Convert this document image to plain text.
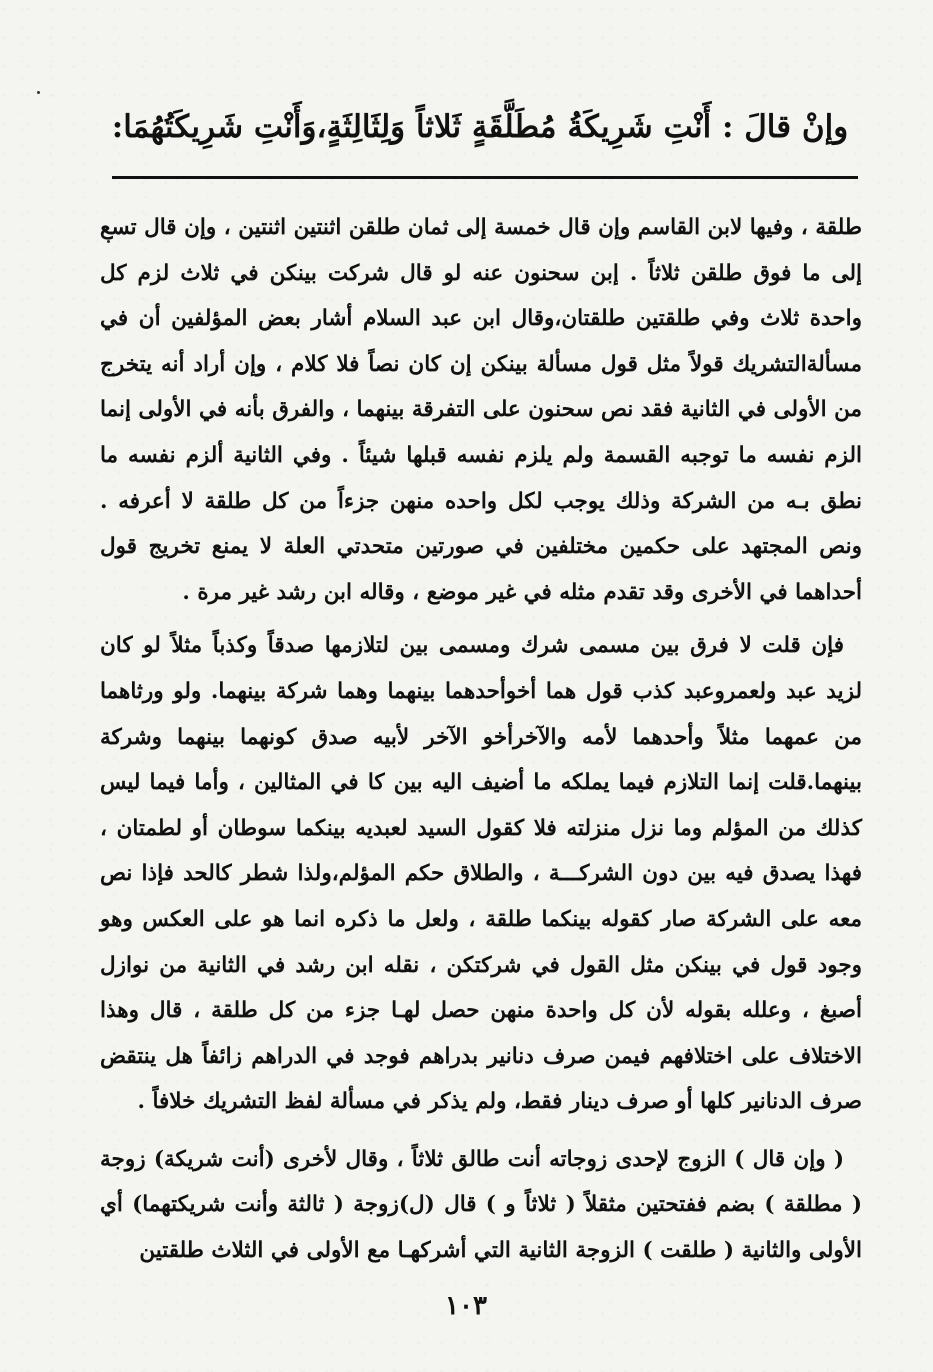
وإنْ قالَ : أَنْتِ شَرِيكَةُ مُطَلَّقَةٍ ثَلاثاً وَلِثَالِثَةٍ،وَأَنْتِ شَرِيكَتُهُمَا:

طلقة ، وفيها لابن القاسم وإن قال خمسة إلى ثمان طلقن اثنتين اثنتين ، وإن قال تسع إلى ما فوق طلقن ثلاثاً . إبن سحنون عنه لو قال شركت بينكن في ثلاث لزم كل واحدة ثلاث وفي طلقتين طلقتان،وقال ابن عبد السلام أشار بعض المؤلفين أن في مسألةالتشريك قولاً مثل قول مسألة بينكن إن كان نصاً فلا كلام ، وإن أراد أنه يتخرج من الأولى في الثانية فقد نص سحنون على التفرقة بينهما ، والفرق بأنه في الأولى إنما الزم نفسه ما توجبه القسمة ولم يلزم نفسه قبلها شيئاً . وفي الثانية ألزم نفسه ما نطق بـه من الشركة وذلك يوجب لكل واحده منهن جزءاً من كل طلقة لا أعرفه . ونص المجتهد على حكمين مختلفين في صورتين متحدتي العلة لا يمنع تخريج قول أحداهما في الأخرى وقد تقدم مثله في غير موضع ، وقاله ابن رشد غير مرة .

فإن قلت لا فرق بين مسمى شرك ومسمى بين لتلازمها صدقاً وكذباً مثلاً لو كان لزيد عبد ولعمروعبد كذب قول هما أخوأحدهما بينهما وهما شركة بينهما. ولو ورثاهما من عمهما مثلاً وأحدهما لأمه والآخرأخو الآخر لأبيه صدق كونهما بينهما وشركة بينهما.قلت إنما التلازم فيما يملكه ما أضيف اليه بين كا في المثالين ، وأما فيما ليس كذلك من المؤلم وما نزل منزلته فلا كقول السيد لعبديه بينكما سوطان أو لطمتان ، فهذا يصدق فيه بين دون الشركـــة ، والطلاق حكم المؤلم،ولذا شطر كالحد فإذا نص معه على الشركة صار كقوله بينكما طلقة ، ولعل ما ذكره انما هو على العكس وهو وجود قول في بينكن مثل القول في شركتكن ، نقله ابن رشد في الثانية من نوازل أصبغ ، وعلله بقوله لأن كل واحدة منهن حصل لهـا جزء من كل طلقة ، قال وهذا الاختلاف على اختلافهم فيمن صرف دنانير بدراهم فوجد في الدراهم زائفاً هل ينتقض صرف الدنانير كلها أو صرف دينار فقط، ولم يذكر في مسألة لفظ التشريك خلافاً .

( وإن قال ) الزوج لإحدى زوجاته أنت طالق ثلاثاً ، وقال لأخرى (أنت شريكة) زوجة ( مطلقة ) بضم ففتحتين مثقلاً ( ثلاثاً و ) قال (ل)زوجة ( ثالثة وأنت شريكتهما) أي الأولى والثانية ( طلقت ) الزوجة الثانية التي أشركهـا مع الأولى في الثلاث طلقتين

١٠٣
